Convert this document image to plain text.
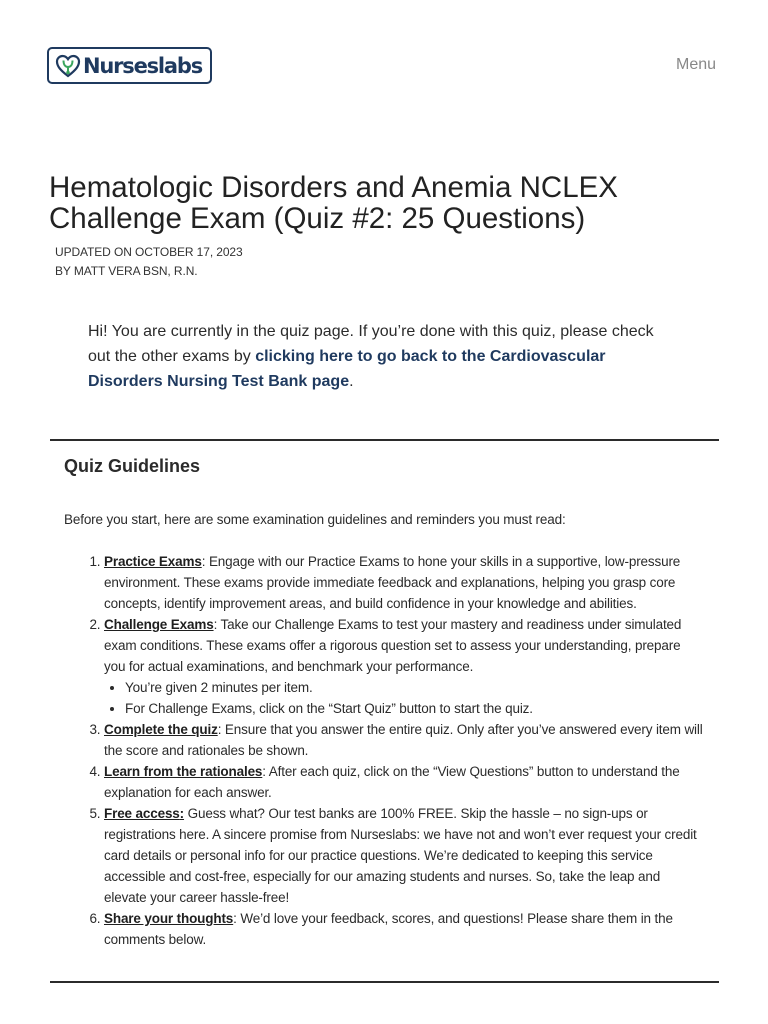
Nurseslabs	Menu
Hematologic Disorders and Anemia NCLEX Challenge Exam (Quiz #2: 25 Questions)
UPDATED ON OCTOBER 17, 2023
BY MATT VERA BSN, R.N.

Hi! You are currently in the quiz page. If you’re done with this quiz, please check out the other exams by clicking here to go back to the Cardiovascular Disorders Nursing Test Bank page.

Quiz Guidelines

Before you start, here are some examination guidelines and reminders you must read:

1. Practice Exams: Engage with our Practice Exams to hone your skills in a supportive, low-pressure environment. These exams provide immediate feedback and explanations, helping you grasp core concepts, identify improvement areas, and build confidence in your knowledge and abilities.
2. Challenge Exams: Take our Challenge Exams to test your mastery and readiness under simulated exam conditions. These exams offer a rigorous question set to assess your understanding, prepare you for actual examinations, and benchmark your performance.
• You’re given 2 minutes per item.
• For Challenge Exams, click on the “Start Quiz” button to start the quiz.
3. Complete the quiz: Ensure that you answer the entire quiz. Only after you’ve answered every item will the score and rationales be shown.
4. Learn from the rationales: After each quiz, click on the “View Questions” button to understand the explanation for each answer.
5. Free access: Guess what? Our test banks are 100% FREE. Skip the hassle – no sign-ups or registrations here. A sincere promise from Nurseslabs: we have not and won’t ever request your credit card details or personal info for our practice questions. We’re dedicated to keeping this service accessible and cost-free, especially for our amazing students and nurses. So, take the leap and elevate your career hassle-free!
6. Share your thoughts: We’d love your feedback, scores, and questions! Please share them in the comments below.
